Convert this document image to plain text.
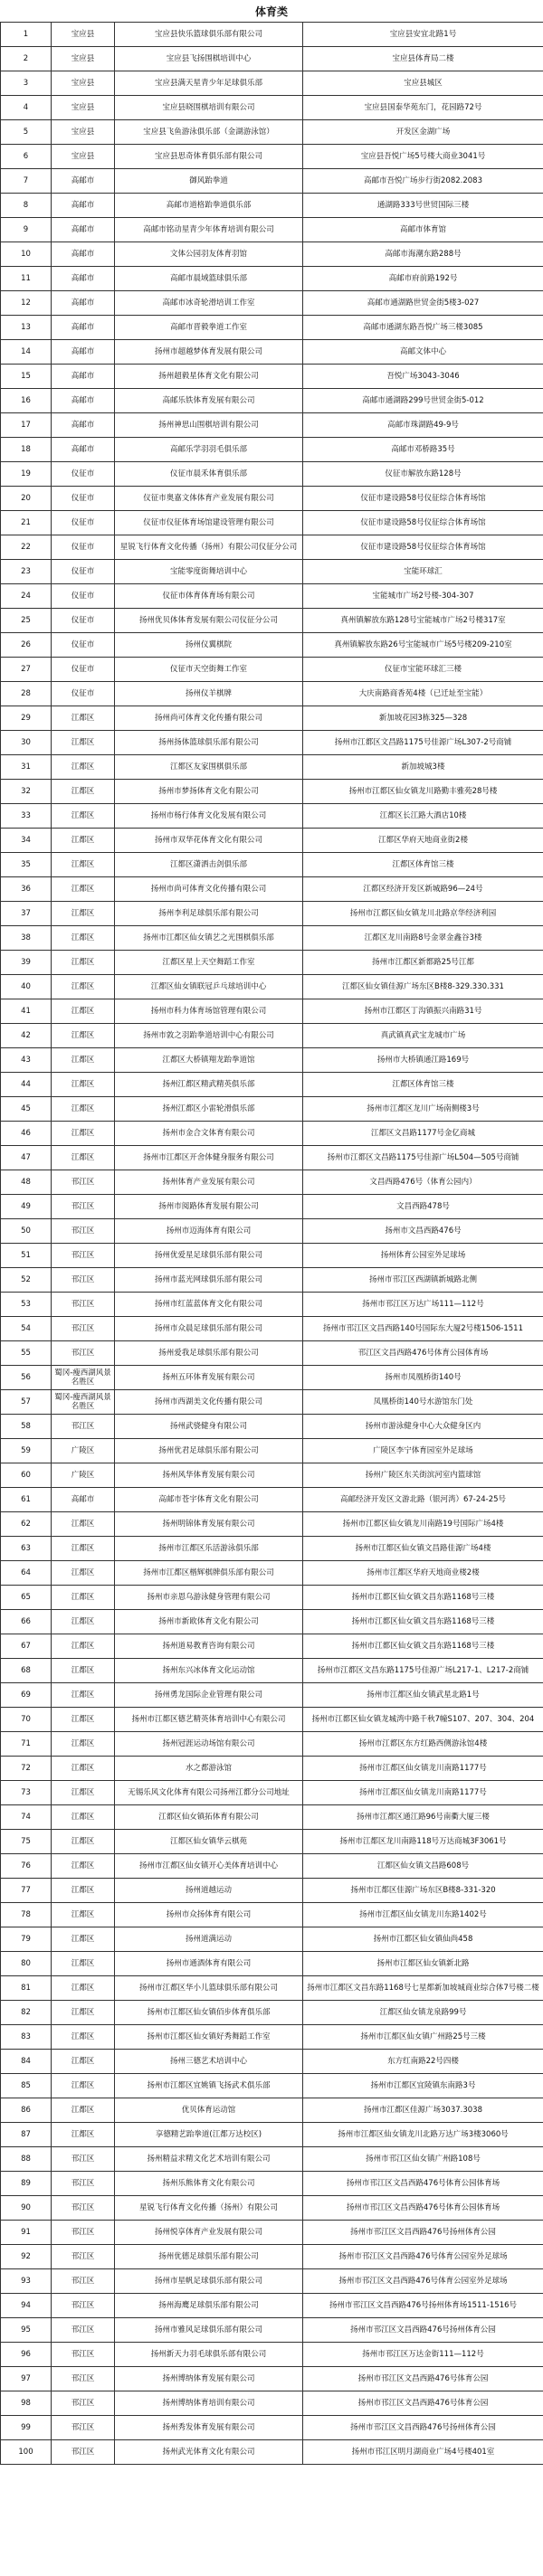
体育类
1	宝应县	宝应县快乐篮球俱乐部有限公司	宝应县安宜北路1号
2	宝应县	宝应县飞扬围棋培训中心	宝应县体育局二楼
3	宝应县	宝应县满天星青少年足球俱乐部	宝应县城区
4	宝应县	宝应县晓围棋培训有限公司	宝应县国泰华苑东门，花园路72号
5	宝应县	宝应县飞鱼游泳俱乐部（金湖游泳馆）	开发区金湖广场
6	宝应县	宝应县思奇体育俱乐部有限公司	宝应县吾悦广场5号楼大商业3041号
7	高邮市	御风跆拳道	高邮市吾悦广场步行街2082.2083
8	高邮市	高邮市道格跆拳道俱乐部	通湖路333号世贸国际三楼
9	高邮市	高邮市铭动星青少年体育培训有限公司	高邮市体育馆
10	高邮市	文体公园羽友体育羽馆	高邮市海潮东路288号
11	高邮市	高邮市晨域篮球俱乐部	高邮市府前路192号
12	高邮市	高邮市冰奇轮滑培训工作室	高邮市通湖路世贸金街5楼3-027
13	高邮市	高邮市晋毅拳道工作室	高邮市通湖东路吾悦广场三楼3085
14	高邮市	扬州市超越梦体育发展有限公司	高邮文体中心
15	高邮市	扬州超毅星体育文化有限公司	吾悦广场3043-3046
16	高邮市	高邮乐铁体育发展有限公司	高邮市通湖路299号世贸金街5-012
17	高邮市	扬州神思山围棋培训有限公司	高邮市珠湖路49-9号
18	高邮市	高邮乐学羽羽毛俱乐部	高邮市邓桥路35号
19	仪征市	仪征市晨禾体育俱乐部	仪征市解放东路128号
20	仪征市	仪征市奥嘉文体体育产业发展有限公司	仪征市建设路58号仪征综合体育场馆
21	仪征市	仪征市仪征体育场馆建设管理有限公司	仪征市建设路58号仪征综合体育场馆
22	仪征市	星锐飞行体育文化传播（扬州）有限公司仪征分公司	仪征市建设路58号仪征综合体育场馆
23	仪征市	宝能零度街舞培训中心	宝能环球汇
24	仪征市	仪征市体育体育场有限公司	宝能城市广场2号楼-304-307
25	仪征市	扬州优贝体体育发展有限公司仪征分公司	真州镇解放东路128号宝能城市广场2号楼317室
26	仪征市	扬州仪翼棋院	真州镇解放东路26号宝能城市广场5号楼209-210室
27	仪征市	仪征市天空街舞工作室	仪征市宝能环球汇三楼
28	仪征市	扬州仪羊棋牌	大庆南路商香苑4楼（已迁址至宝能）
29	江都区	扬州尚可体育文化传播有限公司	新加坡花园3栋325—328
30	江都区	扬州扬体篮球俱乐部有限公司	扬州市江都区文昌路1175号佳源广场L307-2号商铺
31	江都区	江都区友家围棋俱乐部	新加坡城3楼
32	江都区	扬州市梦扬体育文化有限公司	扬州市江都区仙女镇龙川路勤丰雅苑28号楼
33	江都区	扬州市杨行体育文化发展有限公司	江都区长江路大酒店10楼
34	江都区	扬州市双华花体育文化有限公司	江都区华府天地商业街2楼
35	江都区	江都区潇洒击剑俱乐部	江都区体育馆三楼
36	江都区	扬州市尚可体育文化传播有限公司	江都区经济开发区新城路96—24号
37	江都区	扬州李利足球俱乐部有限公司	扬州市江都区仙女镇龙川北路京华经济利园
38	江都区	扬州市江都区仙女镇艺之光围棋俱乐部	江都区龙川南路8号金翠金鑫谷3楼
39	江都区	江都区星上天空舞蹈工作室	扬州市江都区新都路25号江都
40	江都区	江都区仙女镇联冠乒乓球培训中心	江都区仙女镇佳源广场东区B楼8-329.330.331
41	江都区	扬州市科力体育场馆管理有限公司	扬州市江都区丁沟镇振兴南路31号
42	江都区	扬州市敦之羽跆拳道培训中心有限公司	真武镇真武宝龙城市广场
43	江都区	江都区大桥镇翔龙跆拳道馆	扬州市大桥镇通江路169号
44	江都区	扬州江都区精武精英俱乐部	江都区体育馆三楼
45	江都区	扬州江都区小雷轮滑俱乐部	扬州市江都区龙川广场南侧楼3号
46	江都区	扬州市金合文体育有限公司	江都区文昌路1177号金亿商城
47	江都区	扬州市江都区开舍体健身服务有限公司	扬州市江都区文昌路1175号佳源广场L504—505号商铺
48	邗江区	扬州体育产业发展有限公司	文昌西路476号（体育公园内）
49	邗江区	扬州市阅路体育发展有限公司	文昌西路478号
50	邗江区	扬州市迈海体育有限公司	扬州市文昌西路476号
51	邗江区	扬州优爱星足球俱乐部有限公司	扬州体育公园室外足球场
52	邗江区	扬州市蓝光网球俱乐部有限公司	扬州市邗江区西湖镇新城路北侧
53	邗江区	扬州市红蓝蓝体育文化有限公司	扬州市邗江区万达广场111—112号
54	邗江区	扬州市众晨足球俱乐部有限公司	扬州市邗江区文昌西路140号国际东大厦2号楼1506-1511
55	邗江区	扬州爱我足球俱乐部有限公司	邗江区文昌西路476号体育公园体育场
56	蜀冈-瘦西湖风景名胜区	扬州五环体育发展有限公司	扬州市凤凰桥街140号
57	蜀冈-瘦西湖风景名胜区	扬州市西湖美文化传播有限公司	凤凰桥街140号水游馆东门处
58	邗江区	扬州武骁健身有限公司	扬州市游泳健身中心大众健身区内
59	广陵区	扬州优君足球俱乐部有限公司	广陵区李宁体育园室外足球场
60	广陵区	扬州风华体育发展有限公司	扬州广陵区东关街滨河室内篮球馆
61	高邮市	高邮市苍宇体育文化有限公司	高邮经济开发区文游北路（银河湾）67-24-25号
62	江都区	扬州明锦体育发展有限公司	扬州市江都区仙女镇龙川南路19号国际广场4楼
63	江都区	扬州市江都区乐活游泳俱乐部	扬州市江都区仙女镇文昌路佳源广场4楼
64	江都区	扬州市江都区楷辉棋牌俱乐部有限公司	扬州市江都区华府天地商业楼2楼
65	江都区	扬州市亲恩乌游泳健身管理有限公司	扬州市江都区仙女镇文昌东路1168号三楼
66	江都区	扬州市新欧体育文化有限公司	扬州市江都区仙女镇文昌东路1168号三楼
67	江都区	扬州道易教育咨询有限公司	扬州市江都区仙女镇文昌东路1168号三楼
68	江都区	扬州东兴冰体育文化运动馆	扬州市江都区文昌东路1175号佳源广场L217-1、L217-2商铺
69	江都区	扬州勇龙国际企业管理有限公司	扬州市江都区仙女镇武星北路1号
70	江都区	扬州市江都区德艺精英体育培训中心有限公司	扬州市江都区仙女镇龙城湾中路千秋7幢S107、207、304、204
71	江都区	扬州冠涯运动场馆有限公司	扬州市江都区东方红路西侧游泳馆4楼
72	江都区	水之都游泳馆	扬州市江都区仙女镇龙川南路1177号
73	江都区	无锡乐风文化体育有限公司扬州江都分公司地址	扬州市江都区仙女镇龙川南路1177号
74	江都区	江都区仙女镇拓体育有限公司	扬州市江都区通江路96号南衢大厦三楼
75	江都区	江都区仙女镇华云棋苑	扬州市江都区龙川南路118号万达商城3F3061号
76	江都区	扬州市江都区仙女镇开心美体育培训中心	江都区仙女镇文昌路608号
77	江都区	扬州道越运动	扬州市江都区佳源广场东区B楼8-331-320
78	江都区	扬州市众扬体育有限公司	扬州市江都区仙女镇龙川东路1402号
79	江都区	扬州道满运动	扬州市江都区仙女镇仙尚458
80	江都区	扬州市通酒体育有限公司	扬州市江都区仙女镇新北路
81	江都区	扬州市江都区华小儿篮球俱乐部有限公司	扬州市江都区文昌东路1168号七星都新加坡城商业综合体7号楼二楼
82	江都区	扬州市江都区仙女镇佰步体育俱乐部	江都区仙女镇龙泉路99号
83	江都区	扬州市江都区仙女镇好秀舞蹈工作室	扬州市江都区仙女镇广州路25号三楼
84	江都区	扬州三德艺术培训中心	东方红南路22号四楼
85	江都区	扬州市江都区宜姚镇飞扬武术俱乐部	扬州市江都区宜陵镇东南路3号
86	江都区	优贝体育运动馆	扬州市江都区佳源广场3037.3038
87	江都区	享德精艺跆拳道(江都万达校区)	扬州市江都区仙女镇龙川北路万达广场3楼3060号
88	邗江区	扬州精益求精文化艺术培训有限公司	扬州市邗江区仙女镇广州路108号
89	邗江区	扬州乐熊体育文化有限公司	扬州市邗江区文昌西路476号体育公园体育场
90	邗江区	星锐飞行体育文化传播（扬州）有限公司	扬州市邗江区文昌西路476号体育公园体育场
91	邗江区	扬州悦享体育产业发展有限公司	扬州市邗江区文昌西路476号扬州体育公园
92	邗江区	扬州优德足球俱乐部有限公司	扬州市邗江区文昌西路476号体育公园室外足球场
93	邗江区	扬州市星帆足球俱乐部有限公司	扬州市邗江区文昌西路476号体育公园室外足球场
94	邗江区	扬州海鹰足球俱乐部有限公司	扬州市邗江区文昌西路476号扬州体育场1511-1516号
95	邗江区	扬州市雅风足球俱乐部有限公司	扬州市邗江区文昌西路476号扬州体育公园
96	邗江区	扬州新天力羽毛球俱乐部有限公司	扬州市邗江区万达金街111—112号
97	邗江区	扬州博纳体育发展有限公司	扬州市邗江区文昌西路476号体育公园
98	邗江区	扬州博纳体育培训有限公司	扬州市邗江区文昌西路476号体育公园
99	邗江区	扬州秀发体育发展有限公司	扬州市邗江区文昌西路476号扬州体育公园
100	邗江区	扬州武光体育文化有限公司	扬州市邗江区明月湖商业广场4号楼401室
